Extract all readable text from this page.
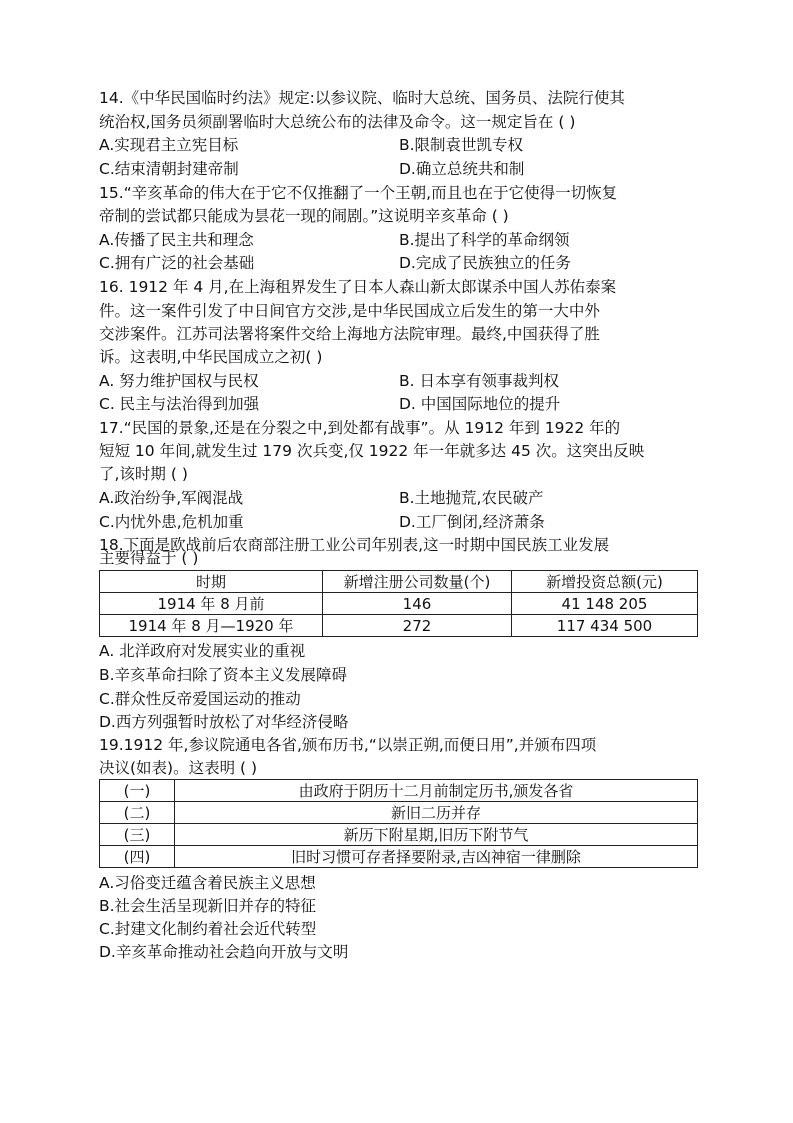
14.《中华民国临时约法》规定:以参议院、临时大总统、国务员、法院行使其
统治权,国务员须副署临时大总统公布的法律及命令。这一规定旨在 ( )
A.实现君主立宪目标	B.限制袁世凯专权
C.结束清朝封建帝制	D.确立总统共和制
15.“辛亥革命的伟大在于它不仅推翻了一个王朝,而且也在于它使得一切恢复
帝制的尝试都只能成为昙花一现的闹剧。”这说明辛亥革命 ( )
A.传播了民主共和理念	B.提出了科学的革命纲领
C.拥有广泛的社会基础	D.完成了民族独立的任务
16. 1912 年 4 月,在上海租界发生了日本人森山新太郎谋杀中国人苏佑泰案
件。这一案件引发了中日间官方交涉,是中华民国成立后发生的第一大中外
交涉案件。江苏司法署将案件交给上海地方法院审理。最终,中国获得了胜
诉。这表明,中华民国成立之初( )
A. 努力维护国权与民权	B. 日本享有领事裁判权
C. 民主与法治得到加强	D. 中国国际地位的提升
17.“民国的景象,还是在分裂之中,到处都有战事”。从 1912 年到 1922 年的
短短 10 年间,就发生过 179 次兵变,仅 1922 年一年就多达 45 次。这突出反映
了,该时期 ( )
A.政治纷争,军阀混战	B.土地抛荒,农民破产
C.内忧外患,危机加重	D.工厂倒闭,经济萧条
18.下面是欧战前后农商部注册工业公司年别表,这一时期中国民族工业发展
主要得益于 ( )
时期	新增注册公司数量(个)	新增投资总额(元)
1914 年 8 月前	146	41 148 205
1914 年 8 月—1920 年	272	117 434 500
A. 北洋政府对发展实业的重视
B.辛亥革命扫除了资本主义发展障碍
C.群众性反帝爱国运动的推动
D.西方列强暂时放松了对华经济侵略
19.1912 年,参议院通电各省,颁布历书,“以崇正朔,而便日用”,并颁布四项
决议(如表)。这表明 ( )
(一)	由政府于阴历十二月前制定历书,颁发各省
(二)	新旧二历并存
(三)	新历下附星期,旧历下附节气
(四)	旧时习惯可存者择要附录,吉凶神宿一律删除
A.习俗变迁蕴含着民族主义思想
B.社会生活呈现新旧并存的特征
C.封建文化制约着社会近代转型
D.辛亥革命推动社会趋向开放与文明
